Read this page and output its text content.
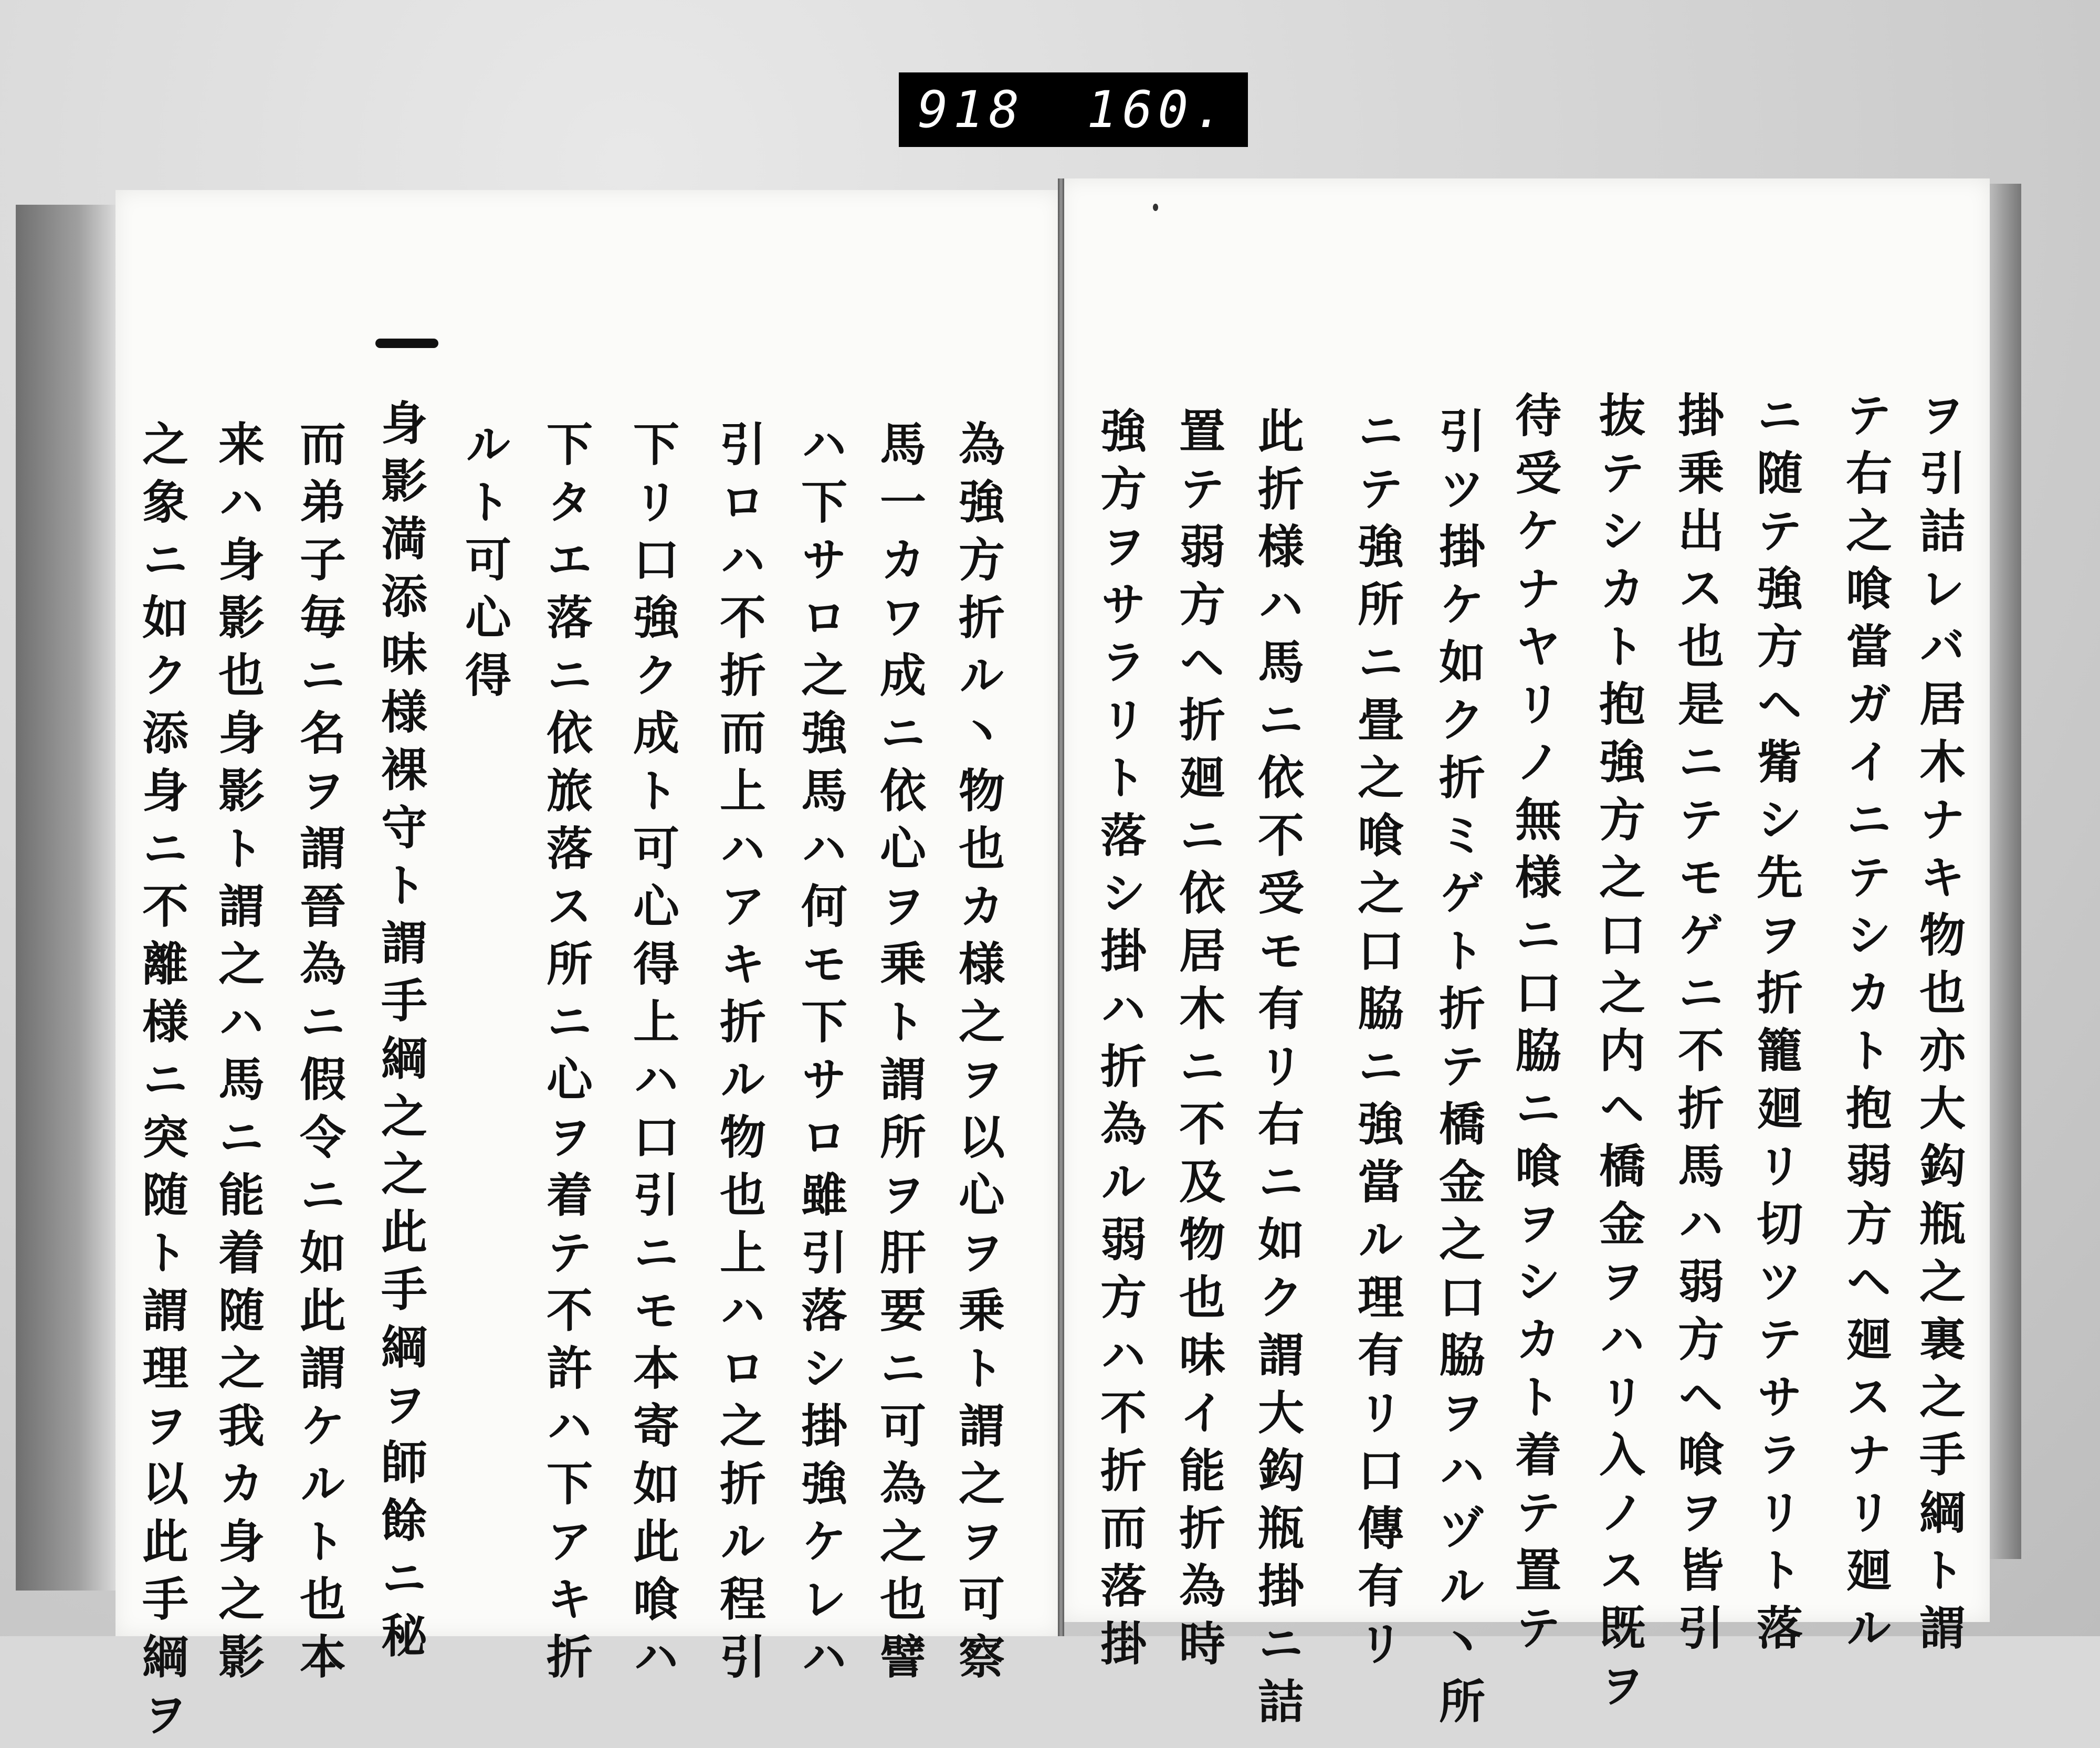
918 160.
ヲ引詰レバ居木ナキ物也亦大鈎瓶之裏之手綱ト謂
テ右之喰當ガイニテシカト抱弱方ヘ廻スナリ廻ル
ニ随テ強方ヘ觜シ先ヲ折籠廻リ切ツテサラリト落
掛乗出ス也是ニテモゲニ不折馬ハ弱方ヘ喰ヲ皆引
抜テシカト抱強方之口之内ヘ橋金ヲハリ入ノス既ヲ
待受ケナヤリノ無様ニ口脇ニ喰ヲシカト着テ置テ
引ツ掛ケ如ク折ミゲト折テ橋金之口脇ヲハヅル丶所
ニテ強所ニ畳之喰之口脇ニ強當ル理有リ口傳有リ
此折様ハ馬ニ依不受モ有リ右ニ如ク謂大鈎瓶掛ニ詰
置テ弱方ヘ折廻ニ依居木ニ不及物也味イ能折為時
強方ヲサラリト落シ掛ハ折為ル弱方ハ不折而落掛
為強方折ル丶物也カ様之ヲ以心ヲ乗ト謂之ヲ可察
馬一カワ成ニ依心ヲ乗ト謂所ヲ肝要ニ可為之也譬
ハ下サロ之強馬ハ何モ下サロ雖引落シ掛強ケレハ
引ロハ不折而上ハアキ折ル物也上ハロ之折ル程引
下リ口強ク成ト可心得上ハ口引ニモ本寄如此喰ハ
下タエ落ニ依旅落ス所ニ心ヲ着テ不許ハ下アキ折
ルト可心得
身影満添味様裸守ト謂手綱之之此手綱ヲ師餘ニ秘
而弟子毎ニ名ヲ謂晉為ニ假令ニ如此謂ケルト也本
来ハ身影也身影ト謂之ハ馬ニ能着随之我カ身之影
之象ニ如ク添身ニ不離様ニ突随ト謂理ヲ以此手綱ヲ
